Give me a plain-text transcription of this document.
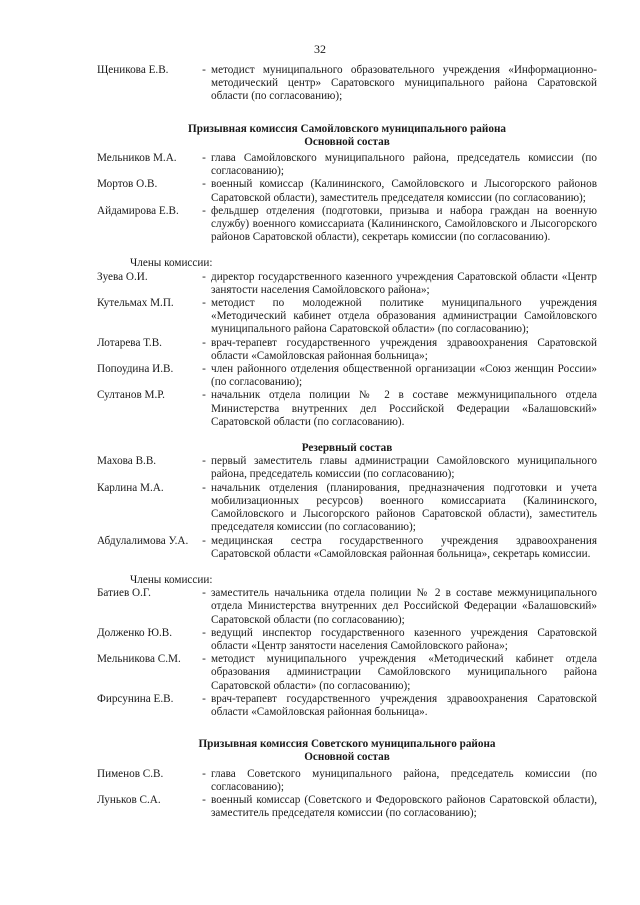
32
Щеникова Е.В.	- методист муниципального образовательного учреждения «Информационно-методический центр» Саратовского муниципального района Саратовской области (по согласованию);
Призывная комиссия Самойловского муниципального района
Основной состав
Мельников М.А.	- глава Самойловского муниципального района, председатель комиссии (по согласованию);
Мортов О.В.	- военный комиссар (Калининского, Самойловского и Лысогорского районов Саратовской области), заместитель председателя комиссии (по согласованию);
Айдамирова Е.В.	- фельдшер отделения (подготовки, призыва и набора граждан на военную службу) военного комиссариата (Калининского, Самойловского и Лысогорского районов Саратовской области), секретарь комиссии (по согласованию).
Члены комиссии:
Зуева О.И.	- директор государственного казенного учреждения Саратовской области «Центр занятости населения Самойловского района»;
Кутельмах М.П.	- методист по молодежной политике муниципального учреждения «Методический кабинет отдела образования администрации Самойловского муниципального района Саратовской области» (по согласованию);
Лотарева Т.В.	- врач-терапевт государственного учреждения здравоохранения Саратовской области «Самойловская районная больница»;
Попоудина И.В.	- член районного отделения общественной организации «Союз женщин России» (по согласованию);
Султанов М.Р.	- начальник отдела полиции № 2 в составе межмуниципального отдела Министерства внутренних дел Российской Федерации «Балашовский» Саратовской области (по согласованию).
Резервный состав
Махова В.В.	- первый заместитель главы администрации Самойловского муниципального района, председатель комиссии (по согласованию);
Карлина М.А.	- начальник отделения (планирования, предназначения подготовки и учета мобилизационных ресурсов) военного комиссариата (Калининского, Самойловского и Лысогорского районов Саратовской области), заместитель председателя комиссии (по согласованию);
Абдулалимова У.А.	- медицинская сестра государственного учреждения здравоохранения Саратовской области «Самойловская районная больница», секретарь комиссии.
Члены комиссии:
Батиев О.Г.	- заместитель начальника отдела полиции № 2 в составе межмуниципального отдела Министерства внутренних дел Российской Федерации «Балашовский» Саратовской области (по согласованию);
Долженко Ю.В.	- ведущий инспектор государственного казенного учреждения Саратовской области «Центр занятости населения Самойловского района»;
Мельникова С.М.	- методист муниципального учреждения «Методический кабинет отдела образования администрации Самойловского муниципального района Саратовской области» (по согласованию);
Фирсунина Е.В.	- врач-терапевт государственного учреждения здравоохранения Саратовской области «Самойловская районная больница».
Призывная комиссия Советского муниципального района
Основной состав
Пименов С.В.	- глава Советского муниципального района, председатель комиссии (по согласованию);
Луньков С.А.	- военный комиссар (Советского и Федоровского районов Саратовской области), заместитель председателя комиссии (по согласованию);
